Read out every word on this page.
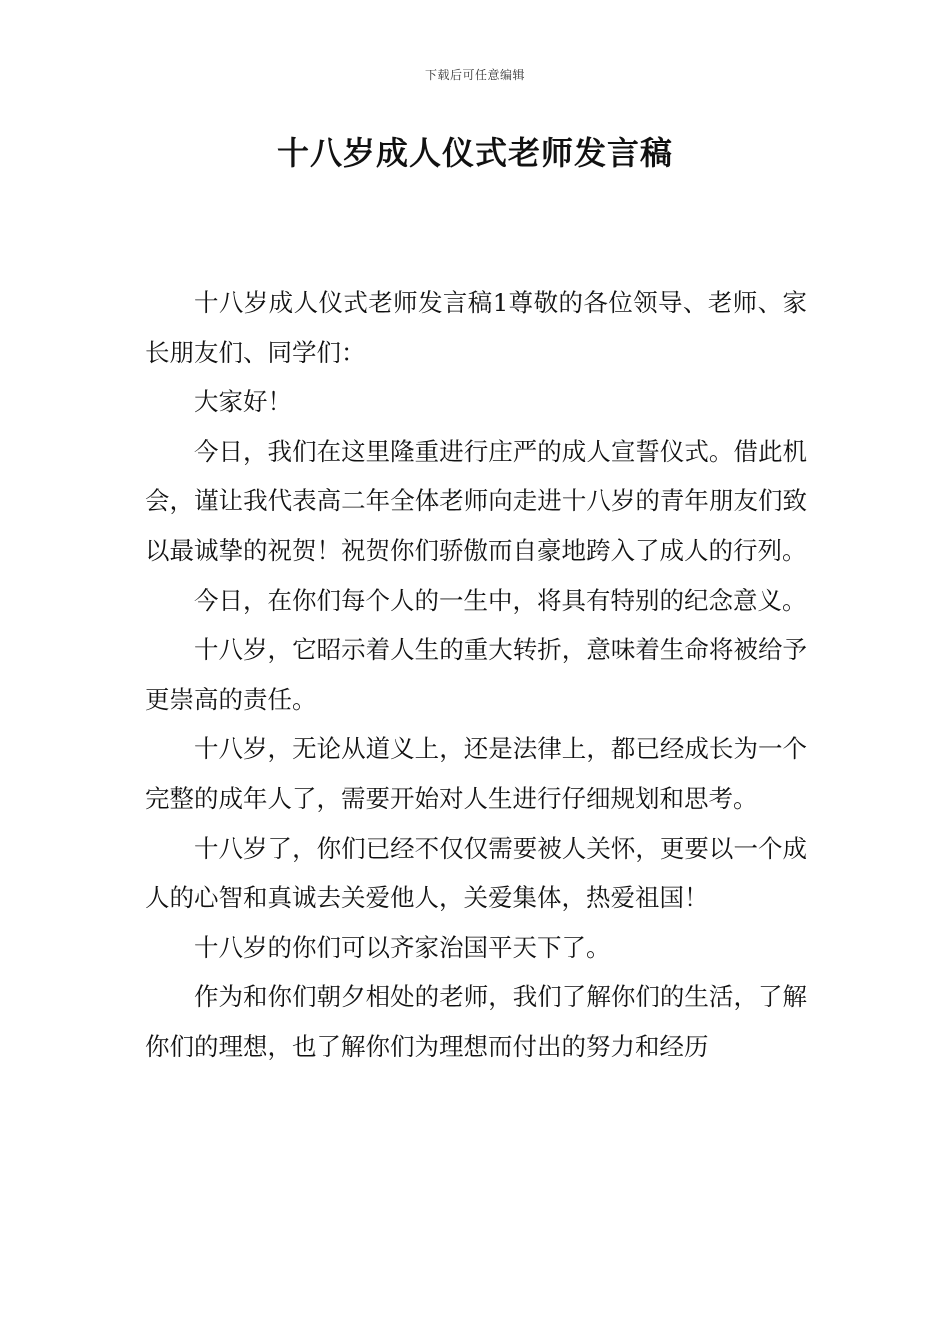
下载后可任意编辑
十八岁成人仪式老师发言稿

十八岁成人仪式老师发言稿1尊敬的各位领导、老师、家长朋友们、同学们：

大家好！

今日，我们在这里隆重进行庄严的成人宣誓仪式。借此机会，谨让我代表高二年全体老师向走进十八岁的青年朋友们致以最诚挚的祝贺！祝贺你们骄傲而自豪地跨入了成人的行列。

今日，在你们每个人的一生中，将具有特别的纪念意义。

十八岁，它昭示着人生的重大转折，意味着生命将被给予更崇高的责任。

十八岁，无论从道义上，还是法律上，都已经成长为一个完整的成年人了，需要开始对人生进行仔细规划和思考。

十八岁了，你们已经不仅仅需要被人关怀，更要以一个成人的心智和真诚去关爱他人，关爱集体，热爱祖国！

十八岁的你们可以齐家治国平天下了。

作为和你们朝夕相处的老师，我们了解你们的生活，了解你们的理想，也了解你们为理想而付出的努力和经历
